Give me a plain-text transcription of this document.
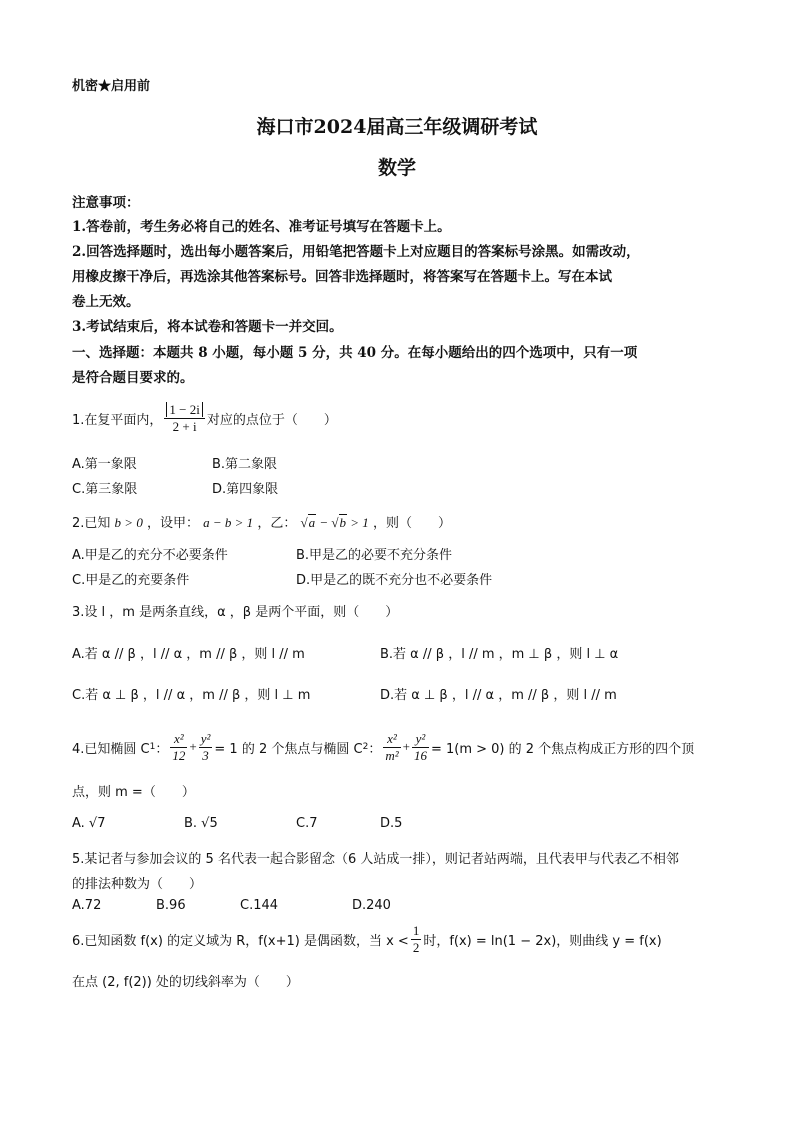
机密★启用前
海口市2024届高三年级调研考试
数学
注意事项：
1.答卷前，考生务必将自己的姓名、准考证号填写在答题卡上。
2.回答选择题时，选出每小题答案后，用铅笔把答题卡上对应题目的答案标号涂黑。如需改动，
用橡皮擦干净后，再选涂其他答案标号。回答非选择题时，将答案写在答题卡上。写在本试
卷上无效。
3.考试结束后，将本试卷和答题卡一并交回。
一、选择题：本题共 8 小题，每小题 5 分，共 40 分。在每小题给出的四个选项中，只有一项
是符合题目要求的。
1.在复平面内， $\frac{1 - 2i}{2 + i}$ 对应的点位于（　　）
A.第一象限	B.第二象限
C.第三象限	D.第四象限
2.已知 b > 0 ，设甲： a − b > 1 ，乙： √a − √b > 1 ，则（　　）
A.甲是乙的充分不必要条件	B.甲是乙的必要不充分条件
C.甲是乙的充要条件	D.甲是乙的既不充分也不必要条件
3.设 l ，m 是两条直线，α ，β 是两个平面，则（　　）
A.若 α // β ，l // α ，m // β ，则 l // m	B.若 α // β ，l // m ，m ⊥ β ，则 l ⊥ α
C.若 α ⊥ β ，l // α ，m // β ，则 l ⊥ m	D.若 α ⊥ β ，l // α ，m // β ，则 l // m
4.已知椭圆 C 1 ： $\frac{\text{x²}}{12} + \frac{\text{y²}}{3} = 1$ 的 2 个焦点与椭圆 C 2 ： $\frac{\text{x²}}{\text{m²}} + \frac{\text{y²}}{16} = 1(m > 0)$ 的 2 个焦点构成正方形的四个顶
点，则 m =（　　）
A. √7	B. √5	C.7	D.5
5.某记者与参加会议的 5 名代表一起合影留念（6 人站成一排），则记者站两端，且代表甲与代表乙不相邻
的排法种数为（　　）
A.72	B.96	C.144	D.240
6.已知函数 f(x) 的定义域为 R，f(x+1) 是偶函数，当 $x < \frac{1}{2}$ 时，f(x) = ln(1 − 2x)，则曲线 y = f(x)
在点 (2, f(2)) 处的切线斜率为（　　）
